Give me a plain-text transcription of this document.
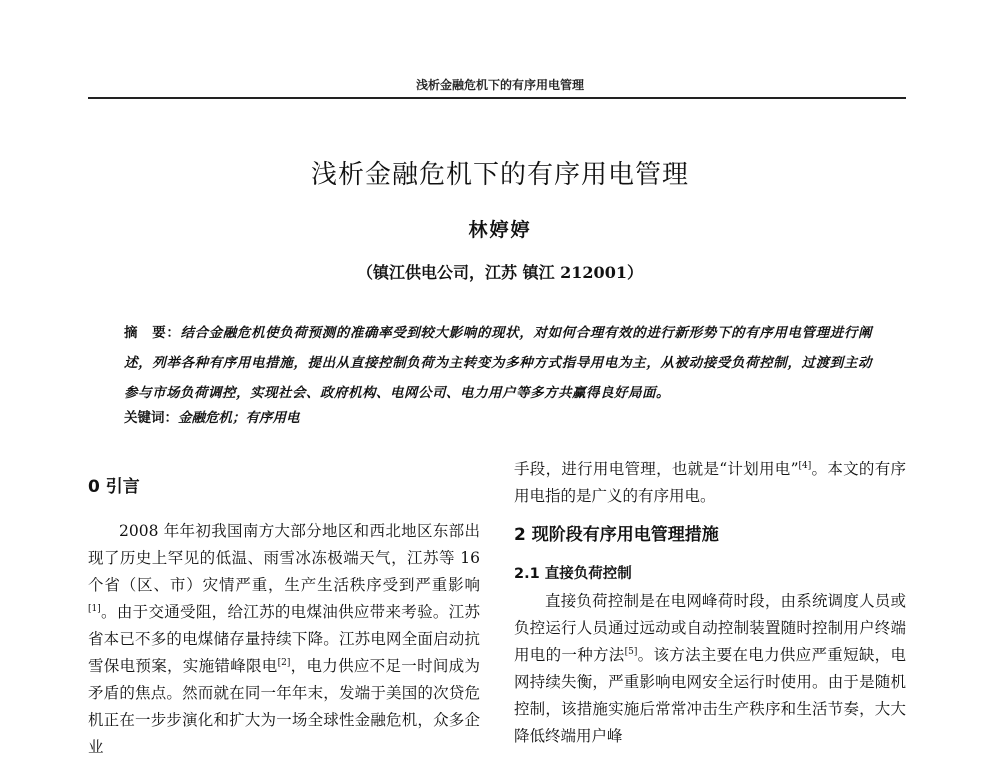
浅析金融危机下的有序用电管理
浅析金融危机下的有序用电管理
林婷婷
（镇江供电公司，江苏 镇江 212001）
摘　要：结合金融危机使负荷预测的准确率受到较大影响的现状，对如何合理有效的进行新形势下的有序用电管理进行阐述，列举各种有序用电措施，提出从直接控制负荷为主转变为多种方式指导用电为主，从被动接受负荷控制，过渡到主动参与市场负荷调控，实现社会、政府机构、电网公司、电力用户等多方共赢得良好局面。
关键词：金融危机；有序用电
0 引言

2008 年年初我国南方大部分地区和西北地区东部出现了历史上罕见的低温、雨雪冰冻极端天气，江苏等 16 个省（区、市）灾情严重，生产生活秩序受到严重影响[1]。由于交通受阻，给江苏的电煤油供应带来考验。江苏省本已不多的电煤储存量持续下降。江苏电网全面启动抗雪保电预案，实施错峰限电[2]，电力供应不足一时间成为矛盾的焦点。然而就在同一年年末，发端于美国的次贷危机正在一步步演化和扩大为一场全球性金融危机，众多企业

手段，进行用电管理，也就是“计划用电”[4]。本文的有序用电指的是广义的有序用电。

2 现阶段有序用电管理措施
2.1 直接负荷控制

直接负荷控制是在电网峰荷时段，由系统调度人员或负控运行人员通过远动或自动控制装置随时控制用户终端用电的一种方法[5]。该方法主要在电力供应严重短缺，电网持续失衡，严重影响电网安全运行时使用。由于是随机控制，该措施实施后常常冲击生产秩序和生活节奏，大大降低终端用户峰
